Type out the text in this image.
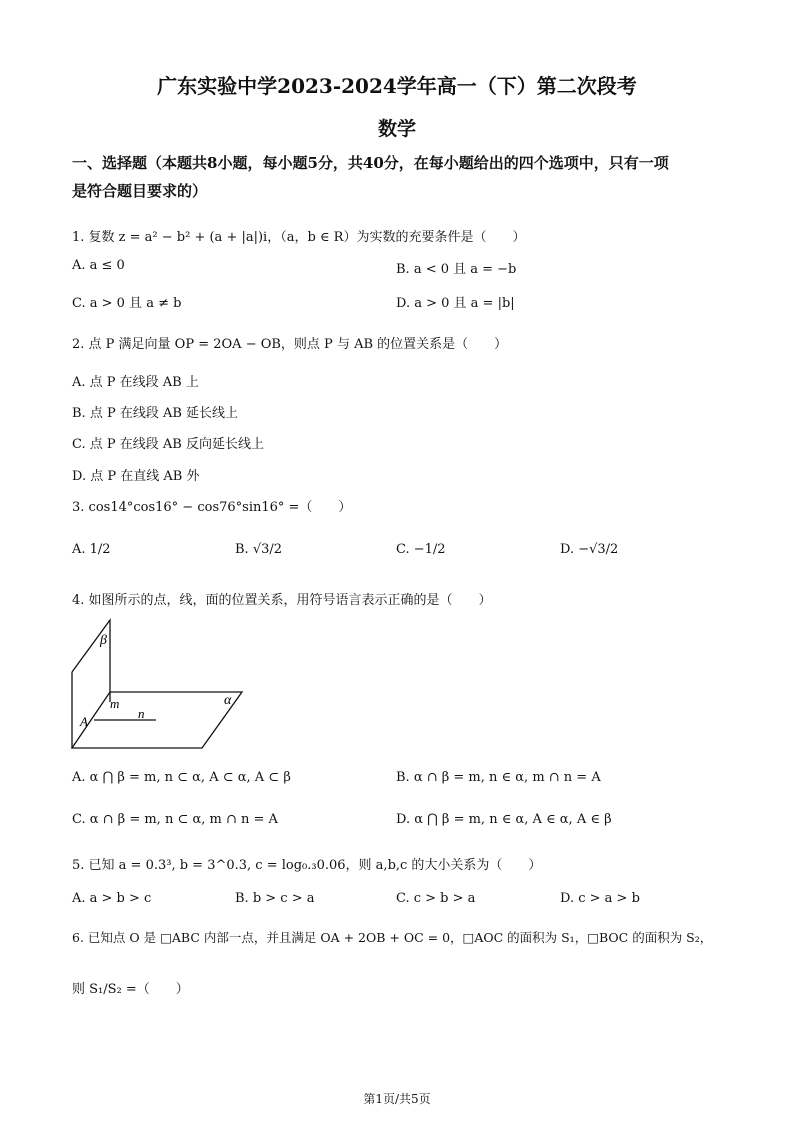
广东实验中学2023-2024学年高一（下）第二次段考
数学
一、选择题（本题共8小题，每小题5分，共40分，在每小题给出的四个选项中，只有一项
是符合题目要求的）
1. 复数 z = a² − b² + (a + |a|)i，（a，b ∈ R）为实数的充要条件是（　　）
A. a ≤ 0	B. a < 0 且 a = −b
C. a > 0 且 a ≠ b	D. a > 0 且 a = |b|
2. 点 P 满足向量 OP = 2OA − OB，则点 P 与 AB 的位置关系是（　　）
A. 点 P 在线段 AB 上
B. 点 P 在线段 AB 延长线上
C. 点 P 在线段 AB 反向延长线上
D. 点 P 在直线 AB 外
3. cos14°cos16° − cos76°sin16° =（　　）
A. 1/2	B. √3/2	C. −1/2	D. −√3/2
4. 如图所示的点，线，面的位置关系，用符号语言表示正确的是（　　）
β
α
m
n
A
A. α ⋂ β = m, n ⊂ α, A ⊂ α, A ⊂ β	B. α ∩ β = m, n ∈ α, m ∩ n = A
C. α ∩ β = m, n ⊂ α, m ∩ n = A	D. α ⋂ β = m, n ∈ α, A ∈ α, A ∈ β
5. 已知 a = 0.3³, b = 3^0.3, c = log₀.₃0.06，则 a,b,c 的大小关系为（　　）
A. a > b > c	B. b > c > a	C. c > b > a	D. c > a > b
6. 已知点 O 是 □ABC 内部一点，并且满足 OA + 2OB + OC = 0，□AOC 的面积为 S₁，□BOC 的面积为 S₂，
则 S₁/S₂ =（　　）
第1页/共5页
